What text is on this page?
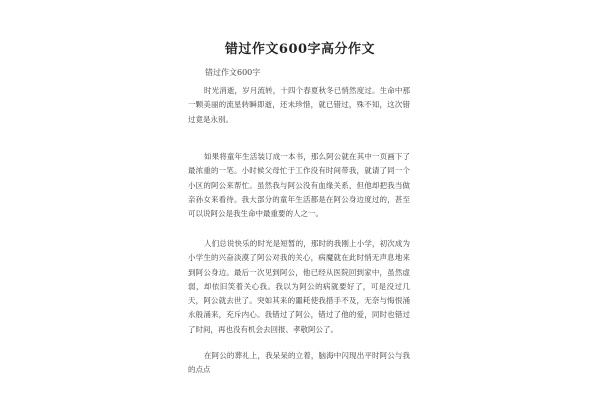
错过作文600字高分作文

错过作文600字

时光消逝，岁月流转，十四个春夏秋冬已悄然度过。生命中那一颗美丽的流星转瞬即逝，还未珍惜，就已错过，殊不知，这次错过竟是永别。

如果将童年生活装订成一本书，那么阿公就在其中一页画下了最浓重的一笔。小时候父母忙于工作没有时间带我，就请了同一个小区的阿公来帮忙。虽然我与阿公没有血缘关系，但他却把我当做亲孙女来看待。我大部分的童年生活都是在阿公身边度过的，甚至可以说阿公是我生命中最重要的人之一。

人们总说快乐的时光是短暂的，那时的我刚上小学，初次成为小学生的兴奋淡漠了阿公对我的关心，病魔就在此时悄无声息地来到阿公身边。最后一次见到阿公，他已经从医院回到家中，虽然虚弱，却依旧笑着关心我。我以为阿公的病就要好了，可是没过几天，阿公就去世了。突如其来的噩耗使我措手不及，无奈与悔恨涌永般涌来，充斥内心。我错过了阿公，错过了他的爱，同时也错过了时间，再也没有机会去回报、孝敬阿公了。

在阿公的葬礼上，我呆呆的立着，脑海中闪现出平时阿公与我的点点
